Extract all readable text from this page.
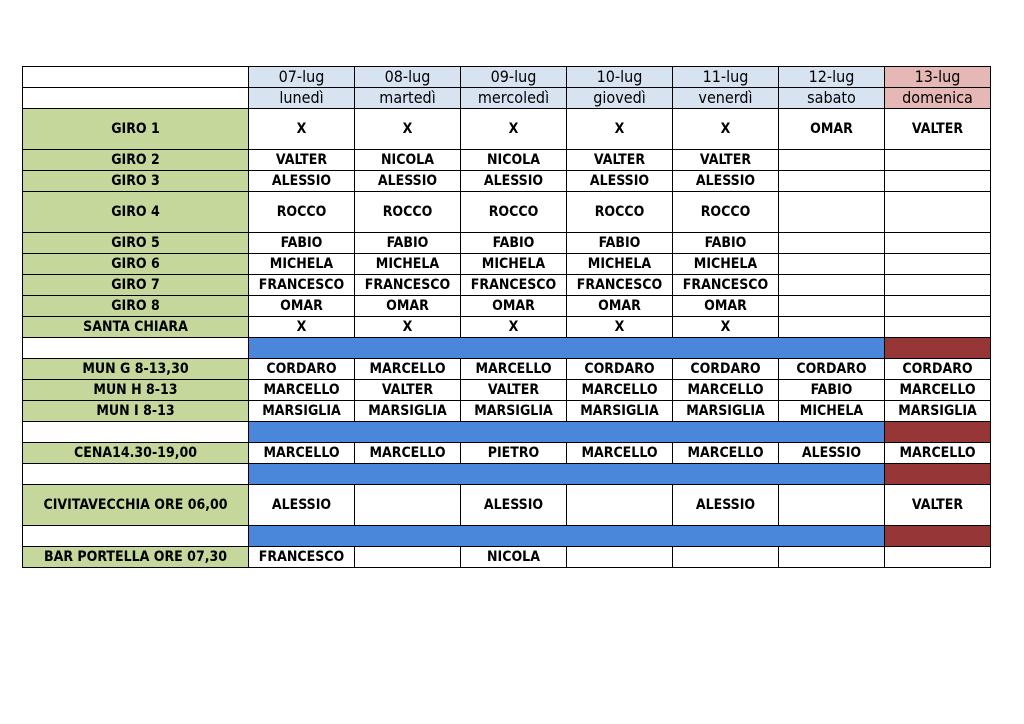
	07-lug	08-lug	09-lug	10-lug	11-lug	12-lug	13-lug
	lunedì	martedì	mercoledì	giovedì	venerdì	sabato	domenica
GIRO 1	X	X	X	X	X	OMAR	VALTER
GIRO 2	VALTER	NICOLA	NICOLA	VALTER	VALTER		
GIRO 3	ALESSIO	ALESSIO	ALESSIO	ALESSIO	ALESSIO		
GIRO 4	ROCCO	ROCCO	ROCCO	ROCCO	ROCCO		
GIRO 5	FABIO	FABIO	FABIO	FABIO	FABIO		
GIRO 6	MICHELA	MICHELA	MICHELA	MICHELA	MICHELA		
GIRO 7	FRANCESCO	FRANCESCO	FRANCESCO	FRANCESCO	FRANCESCO		
GIRO 8	OMAR	OMAR	OMAR	OMAR	OMAR		
SANTA CHIARA	X	X	X	X	X		

MUN G 8-13,30	CORDARO	MARCELLO	MARCELLO	CORDARO	CORDARO	CORDARO	CORDARO
MUN H 8-13	MARCELLO	VALTER	VALTER	MARCELLO	MARCELLO	FABIO	MARCELLO
MUN I 8-13	MARSIGLIA	MARSIGLIA	MARSIGLIA	MARSIGLIA	MARSIGLIA	MICHELA	MARSIGLIA

CENA14.30-19,00	MARCELLO	MARCELLO	PIETRO	MARCELLO	MARCELLO	ALESSIO	MARCELLO

CIVITAVECCHIA ORE 06,00	ALESSIO		ALESSIO		ALESSIO		VALTER

BAR PORTELLA ORE 07,30	FRANCESCO		NICOLA				
